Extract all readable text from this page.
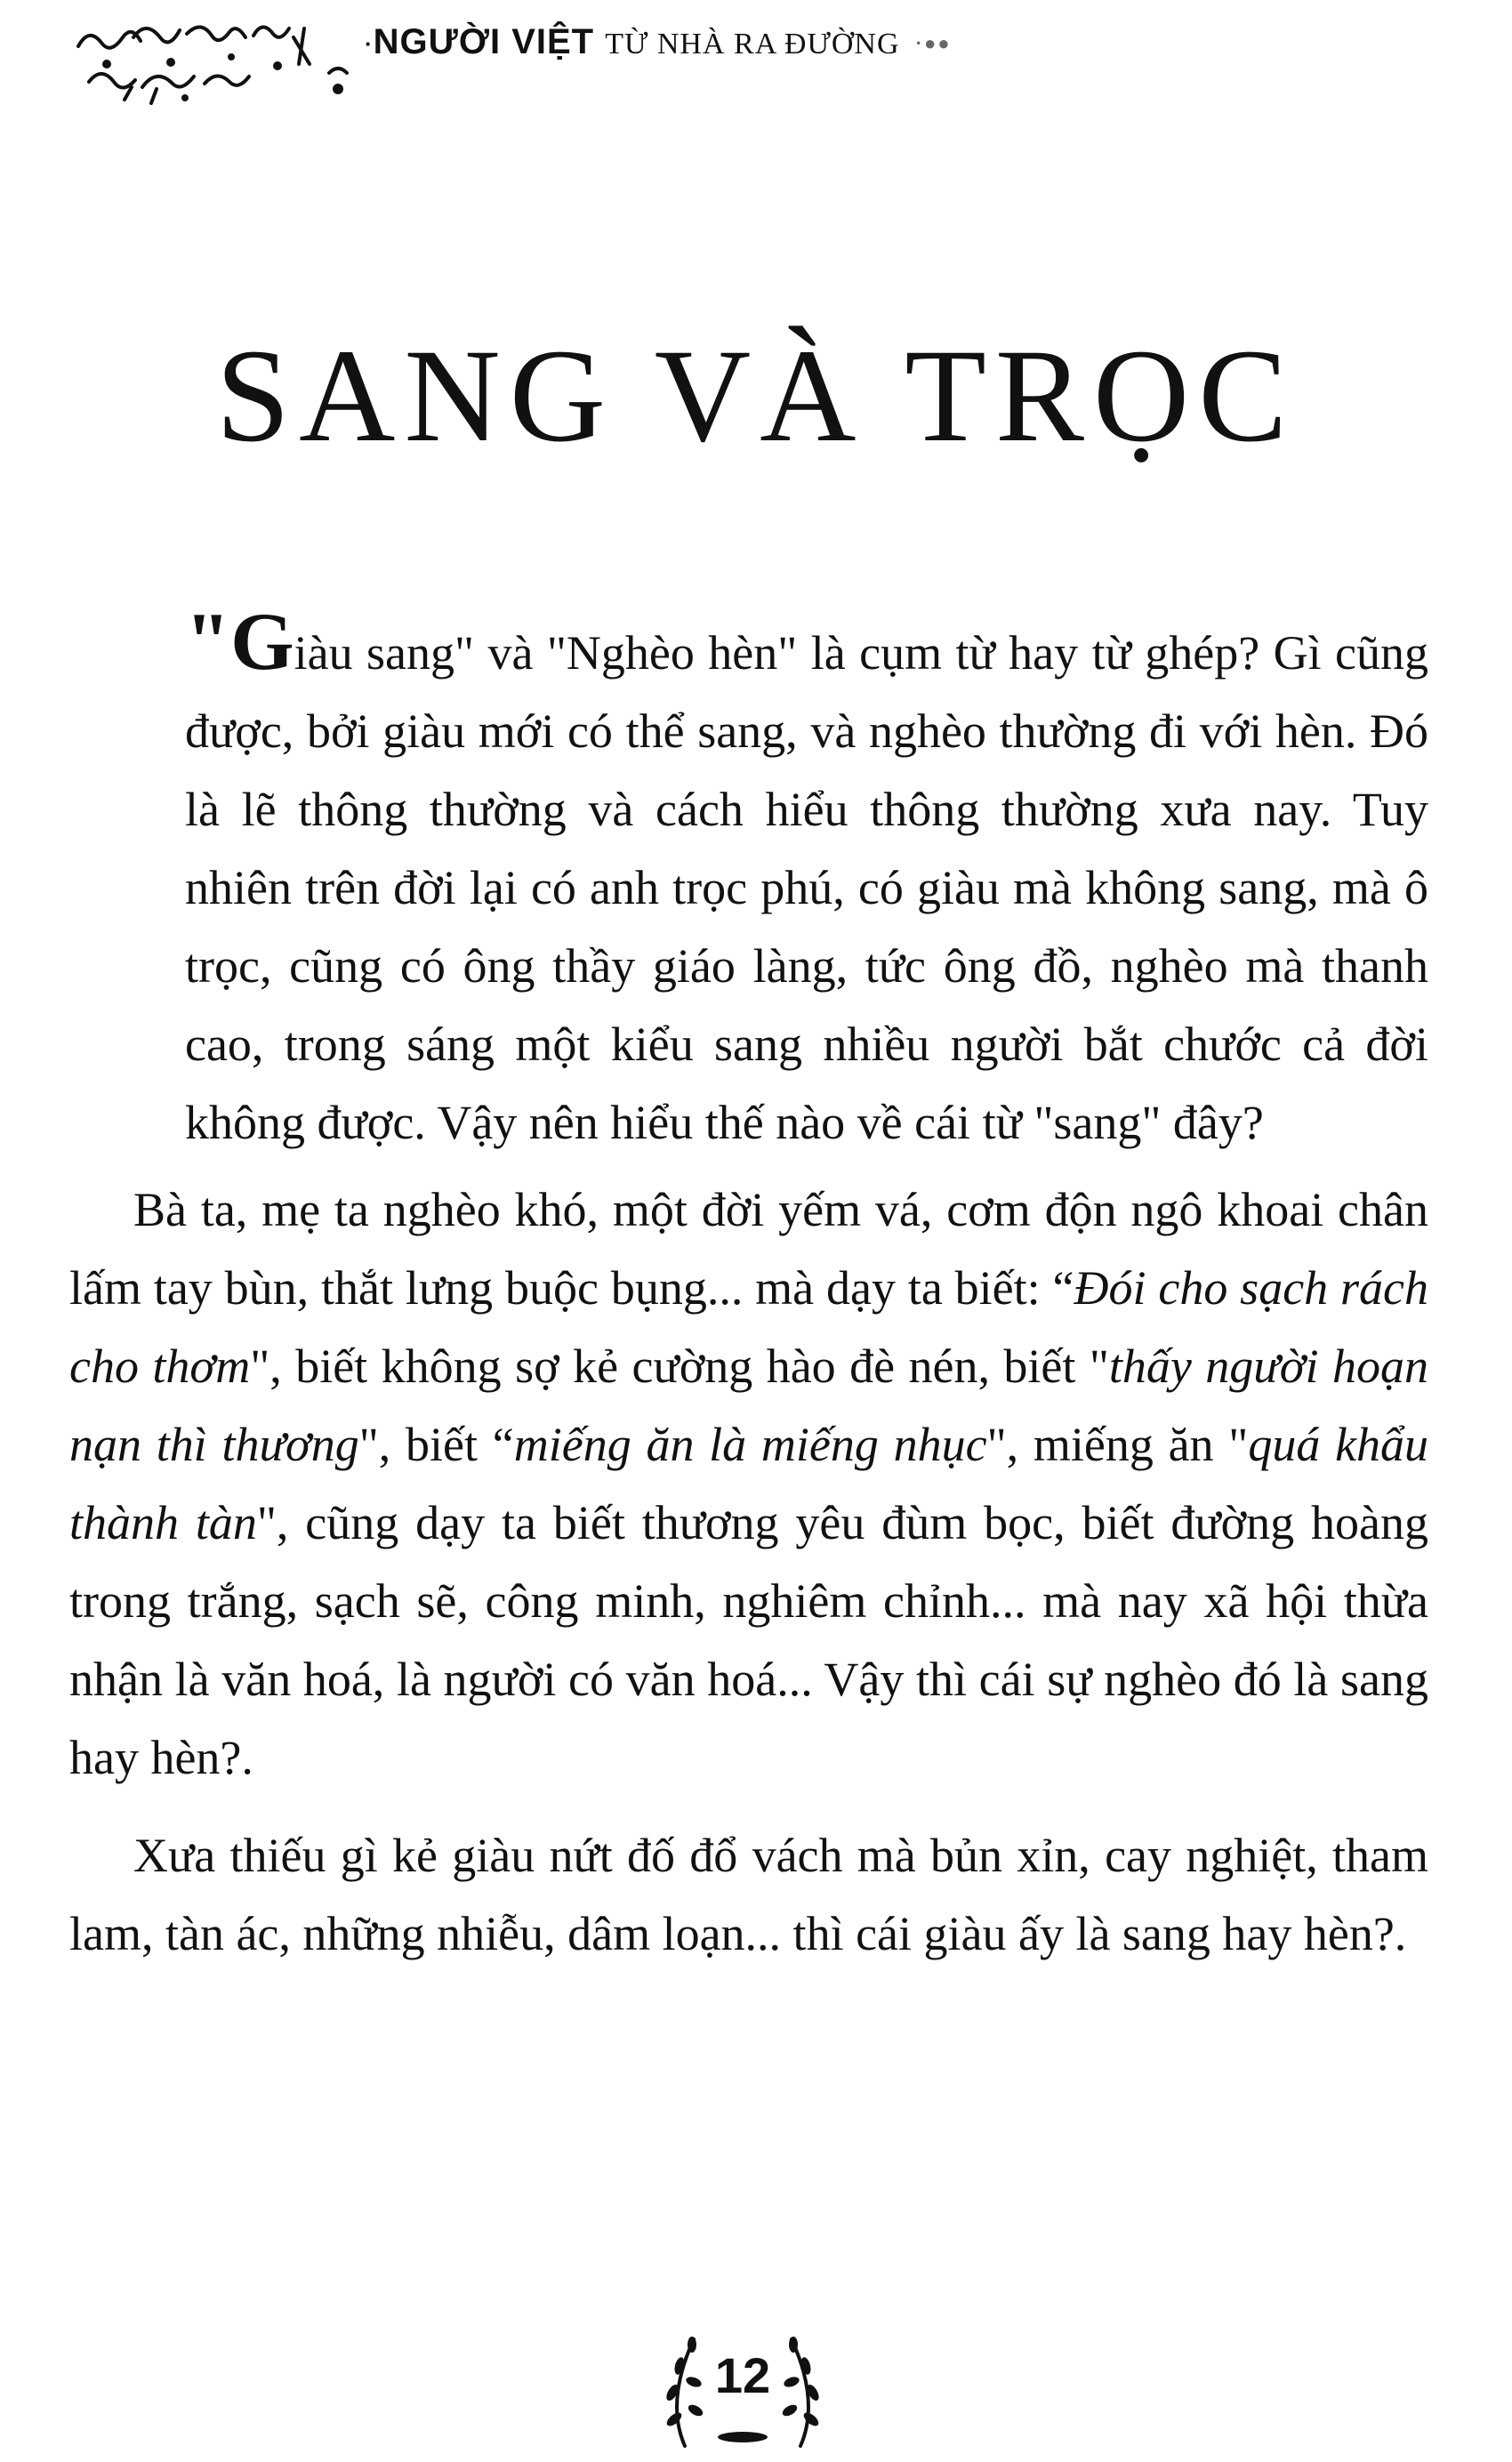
·NGƯỜI VIỆT TỪ NHÀ RA ĐƯỜNG ·●●
SANG VÀ TRỌC

"Giàu sang" và "Nghèo hèn" là cụm từ hay từ ghép? Gì cũng được, bởi giàu mới có thể sang, và nghèo thường đi với hèn. Đó là lẽ thông thường và cách hiểu thông thường xưa nay. Tuy nhiên trên đời lại có anh trọc phú, có giàu mà không sang, mà ô trọc, cũng có ông thầy giáo làng, tức ông đồ, nghèo mà thanh cao, trong sáng một kiểu sang nhiều người bắt chước cả đời không được. Vậy nên hiểu thế nào về cái từ "sang" đây?

Bà ta, mẹ ta nghèo khó, một đời yếm vá, cơm độn ngô khoai chân lấm tay bùn, thắt lưng buộc bụng... mà dạy ta biết: “Đói cho sạch rách cho thơm", biết không sợ kẻ cường hào đè nén, biết "thấy người hoạn nạn thì thương", biết “miếng ăn là miếng nhục", miếng ăn "quá khẩu thành tàn", cũng dạy ta biết thương yêu đùm bọc, biết đường hoàng trong trắng, sạch sẽ, công minh, nghiêm chỉnh... mà nay xã hội thừa nhận là văn hoá, là người có văn hoá... Vậy thì cái sự nghèo đó là sang hay hèn?.

Xưa thiếu gì kẻ giàu nứt đố đổ vách mà bủn xỉn, cay nghiệt, tham lam, tàn ác, những nhiễu, dâm loạn... thì cái giàu ấy là sang hay hèn?.

12
